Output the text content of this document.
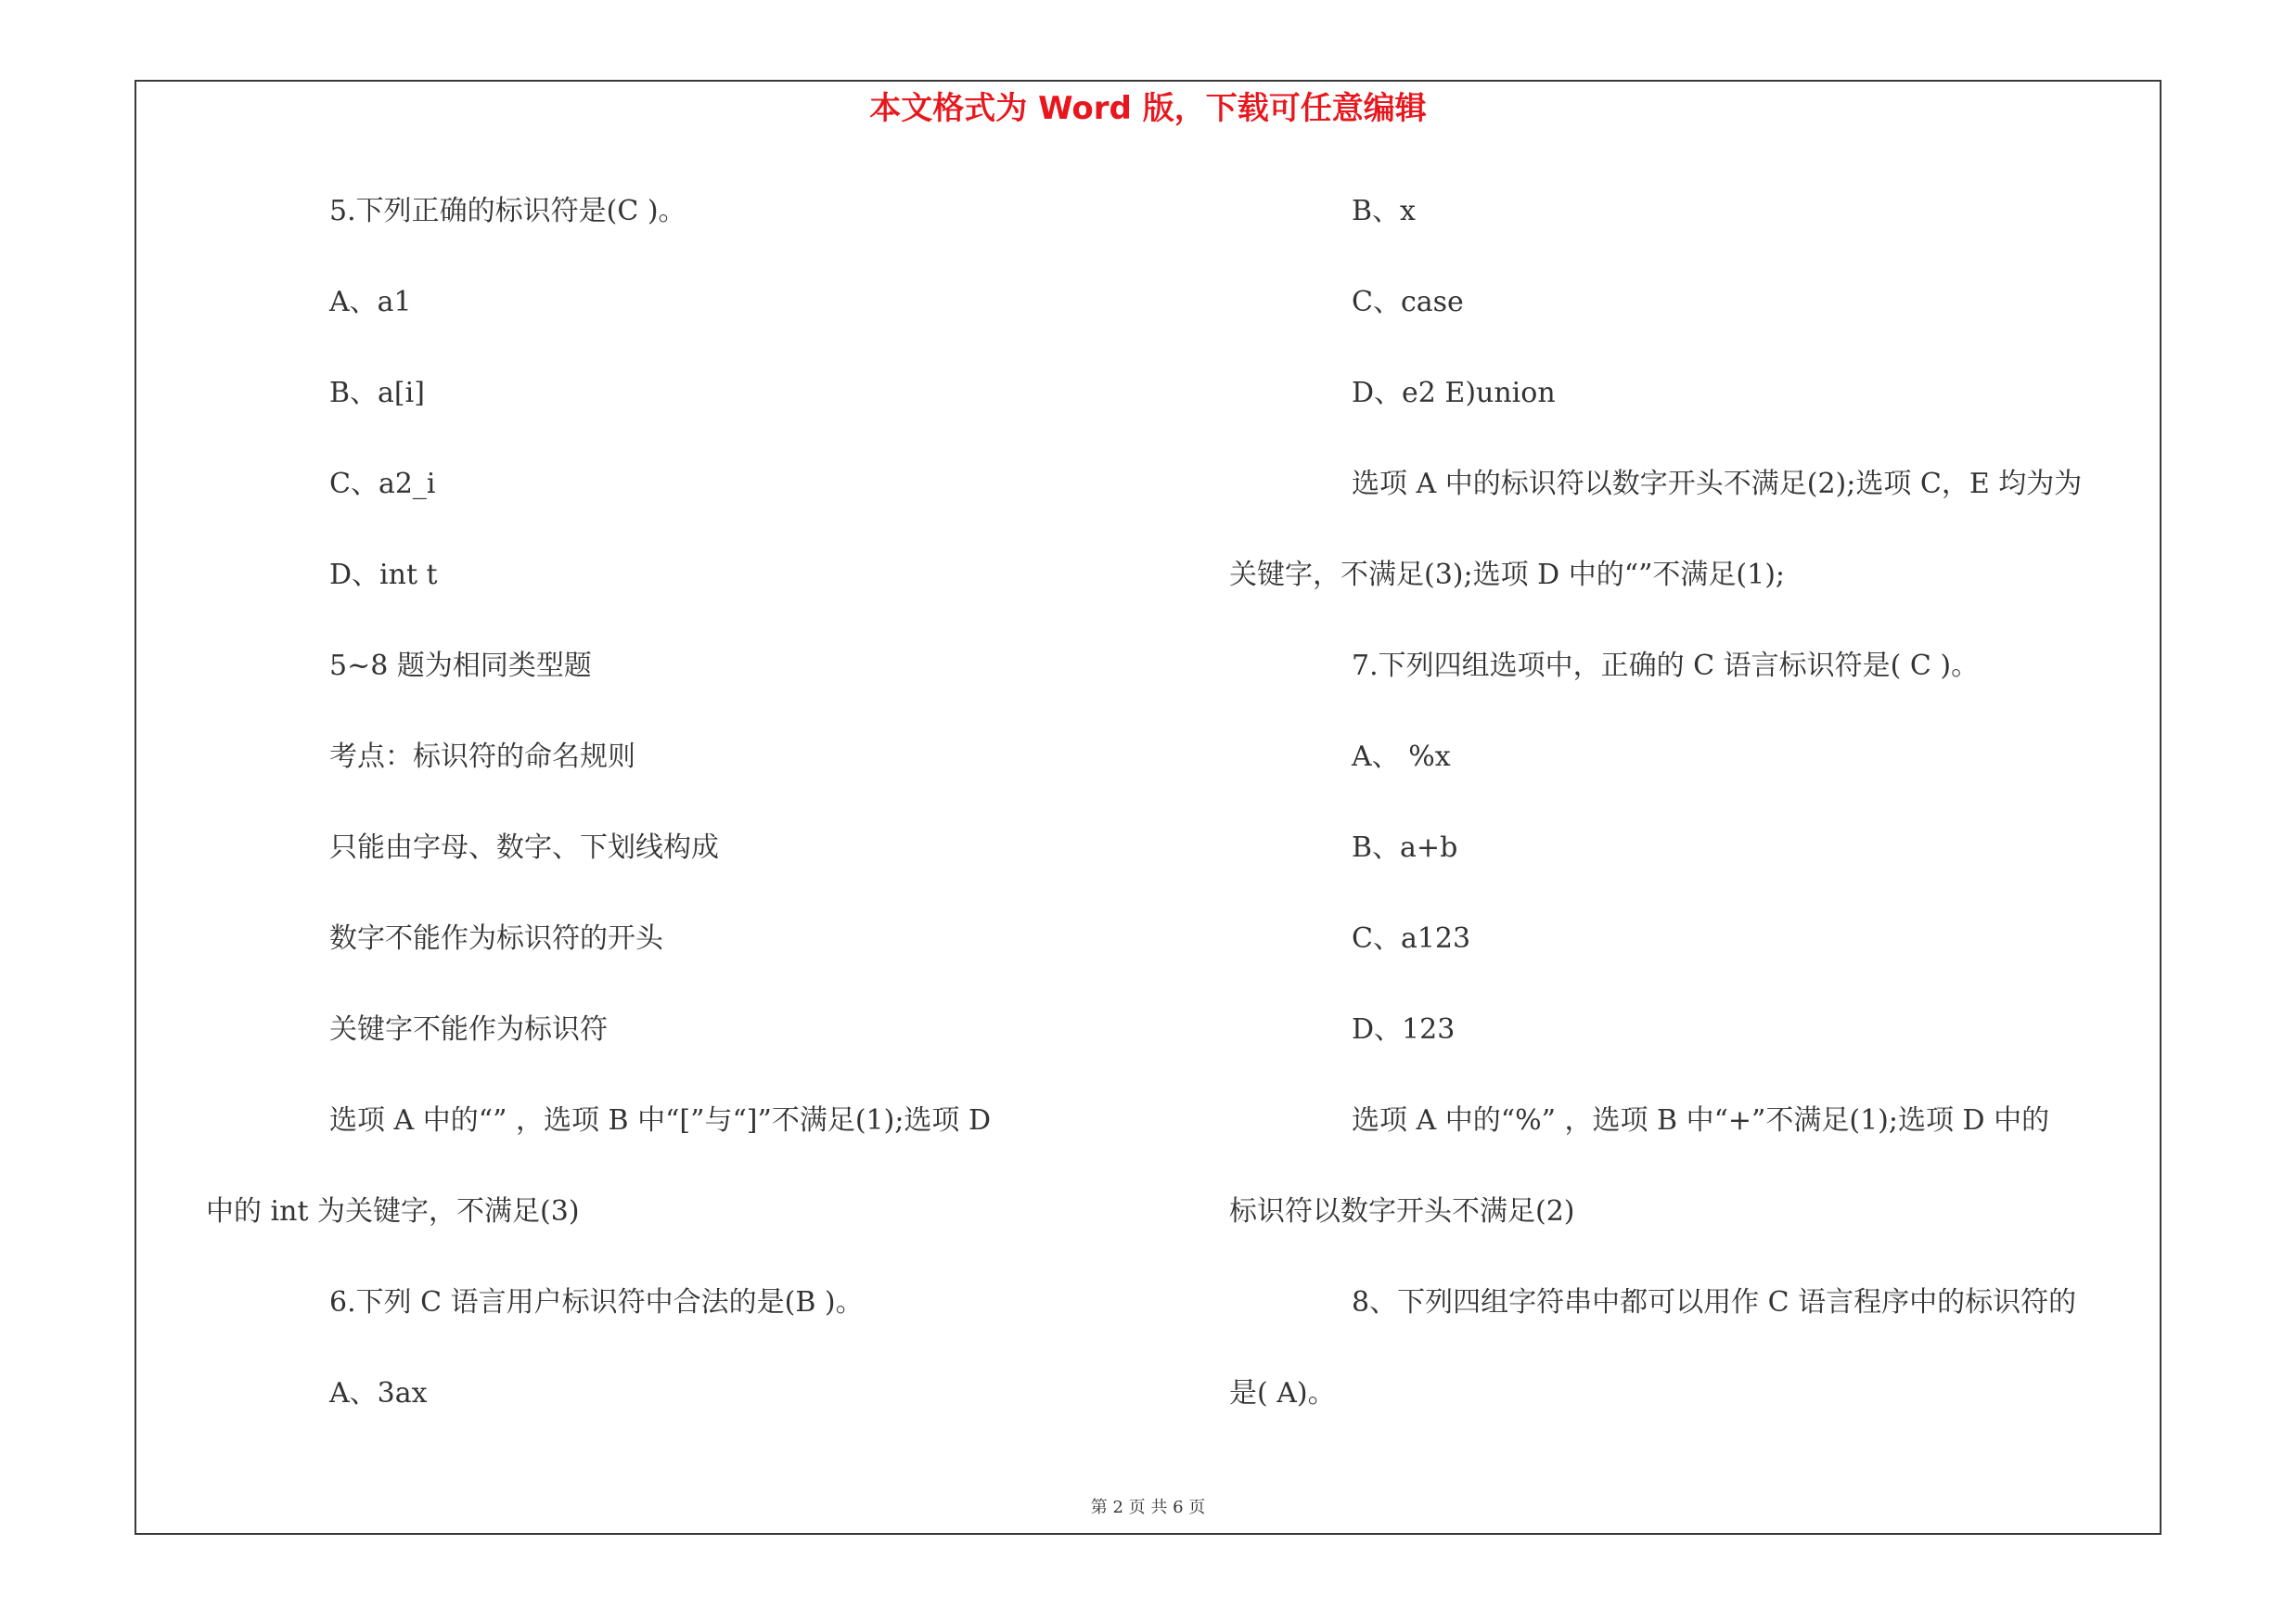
本文格式为 Word 版，下载可任意编辑
5.下列正确的标识符是(C )。
A、a1
B、a[i]
C、a2_i
D、int t
5~8 题为相同类型题
考点：标识符的命名规则
只能由字母、数字、下划线构成
数字不能作为标识符的开头
关键字不能作为标识符
选项 A 中的“” ，选项 B 中“[”与“]”不满足(1);选项 D
中的 int 为关键字，不满足(3)
6.下列 C 语言用户标识符中合法的是(B )。
A、3ax
B、x
C、case
D、e2 E)union
选项 A 中的标识符以数字开头不满足(2);选项 C，E 均为为
关键字，不满足(3);选项 D 中的“”不满足(1);
7.下列四组选项中，正确的 C 语言标识符是( C )。
A、 %x
B、a+b
C、a123
D、123
选项 A 中的“%” ，选项 B 中“+”不满足(1);选项 D 中的
标识符以数字开头不满足(2)
8、下列四组字符串中都可以用作 C 语言程序中的标识符的
是( A)。
第 2 页 共 6 页
